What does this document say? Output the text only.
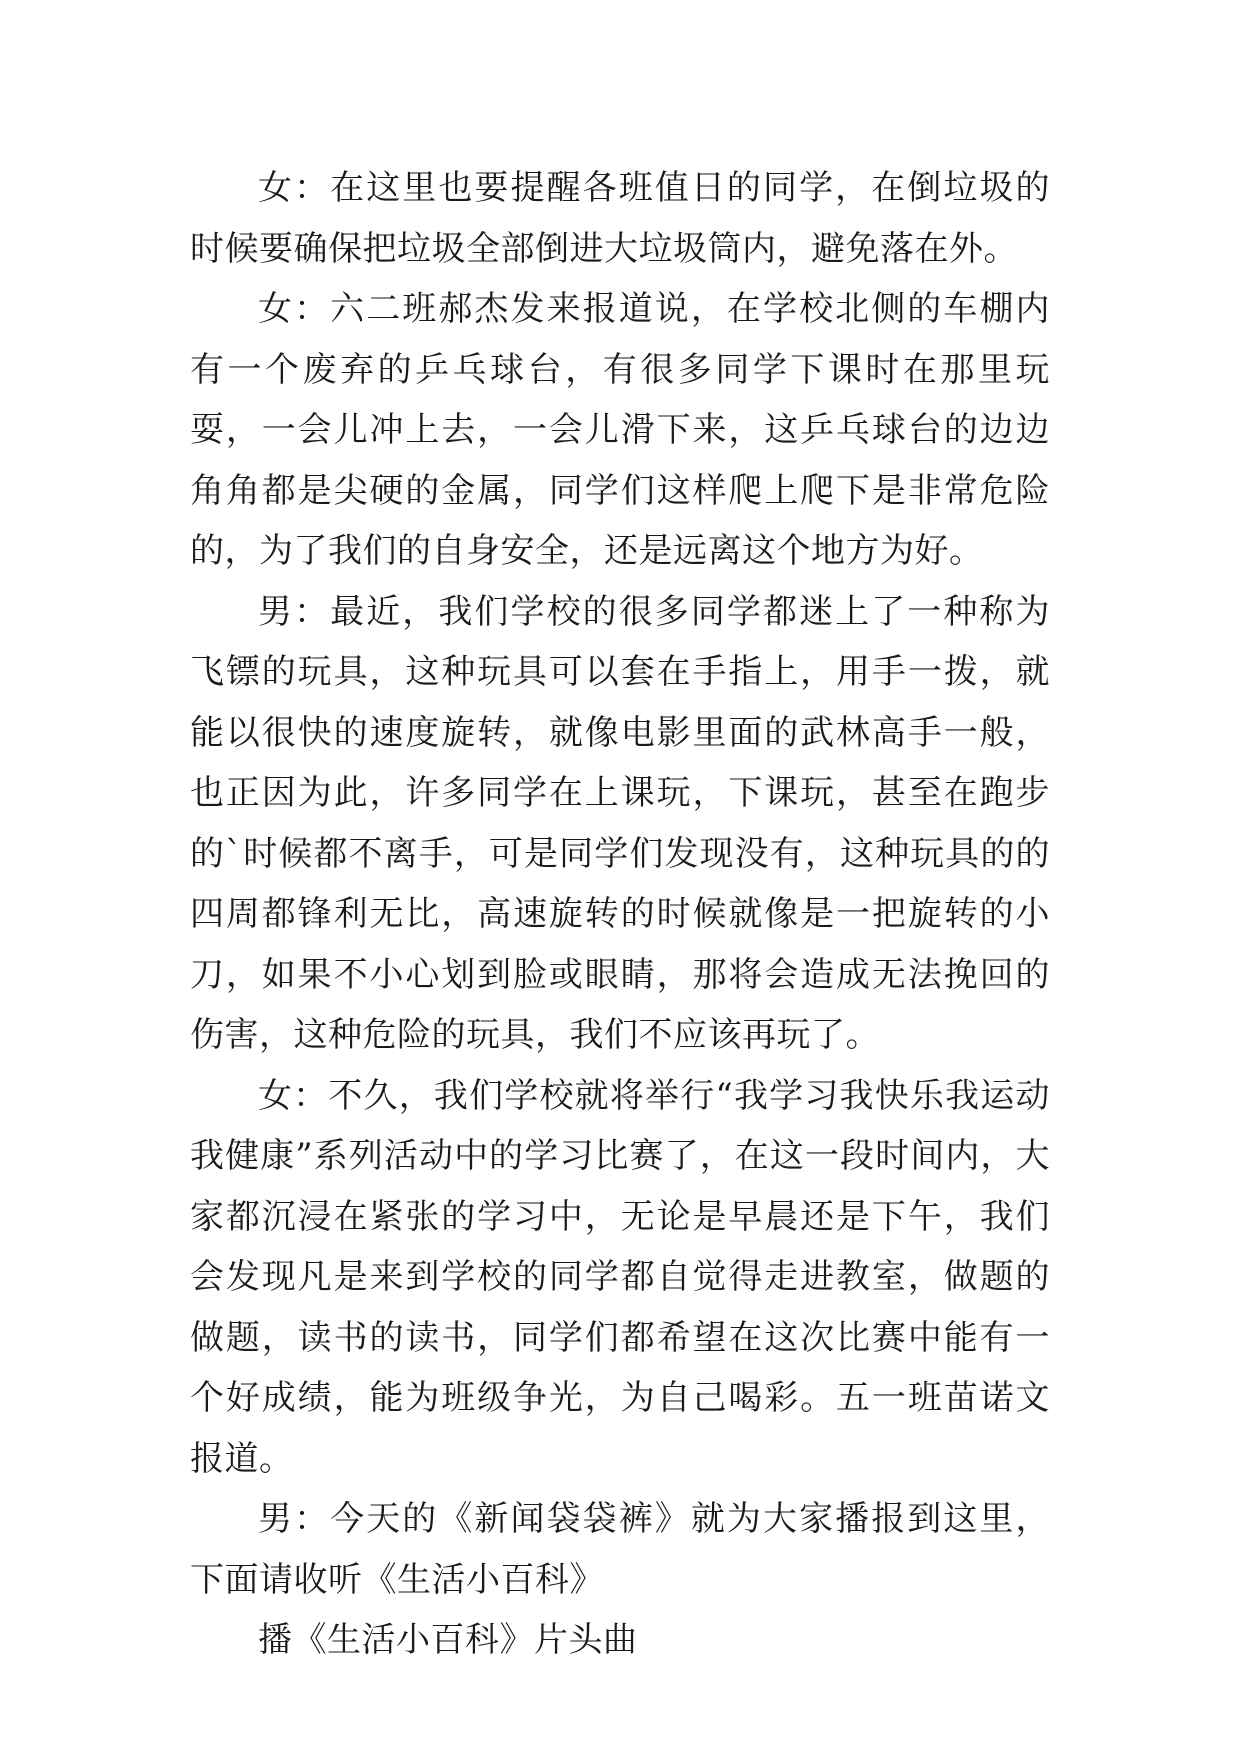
女：在这里也要提醒各班值日的同学，在倒垃圾的时候要确保把垃圾全部倒进大垃圾筒内，避免落在外。

女：六二班郝杰发来报道说，在学校北侧的车棚内有一个废弃的乒乓球台，有很多同学下课时在那里玩耍，一会儿冲上去，一会儿滑下来，这乒乓球台的边边角角都是尖硬的金属，同学们这样爬上爬下是非常危险的，为了我们的自身安全，还是远离这个地方为好。

男：最近，我们学校的很多同学都迷上了一种称为飞镖的玩具，这种玩具可以套在手指上，用手一拨，就能以很快的速度旋转，就像电影里面的武林高手一般，也正因为此，许多同学在上课玩，下课玩，甚至在跑步的`时候都不离手，可是同学们发现没有，这种玩具的的四周都锋利无比，高速旋转的时候就像是一把旋转的小刀，如果不小心划到脸或眼睛，那将会造成无法挽回的伤害，这种危险的玩具，我们不应该再玩了。

女：不久，我们学校就将举行“我学习我快乐我运动我健康”系列活动中的学习比赛了，在这一段时间内，大家都沉浸在紧张的学习中，无论是早晨还是下午，我们会发现凡是来到学校的同学都自觉得走进教室，做题的做题，读书的读书，同学们都希望在这次比赛中能有一个好成绩，能为班级争光，为自己喝彩。五一班苗诺文报道。

男：今天的《新闻袋袋裤》就为大家播报到这里，下面请收听《生活小百科》

播《生活小百科》片头曲
